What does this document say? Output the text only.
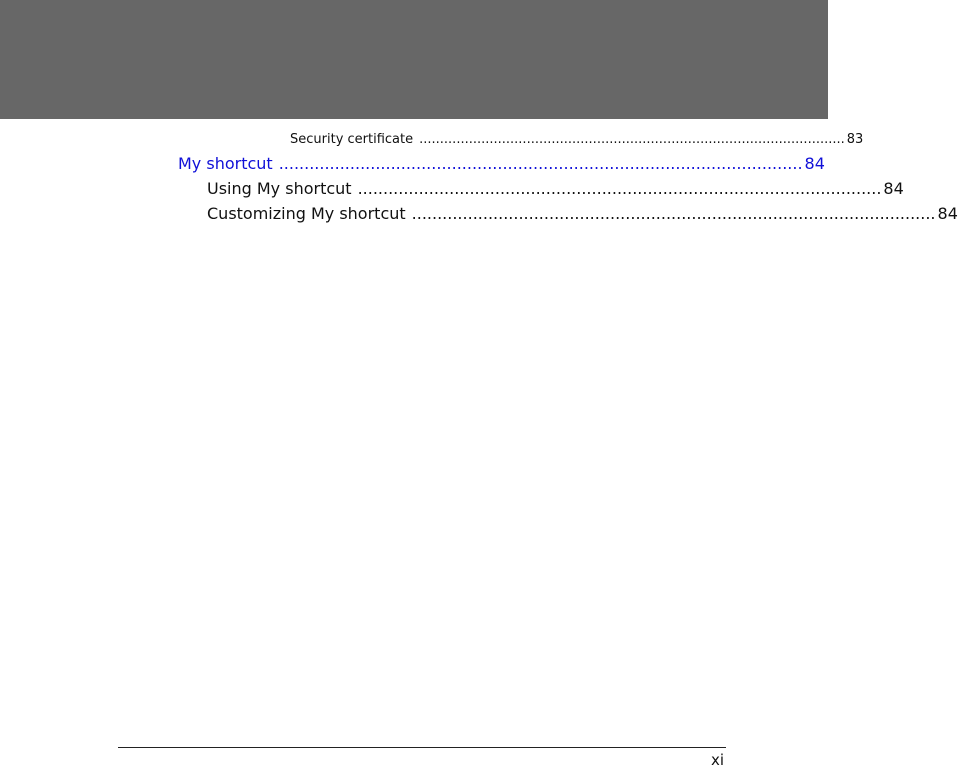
Security certificate ....................................................................................................... 83
My shortcut ....................................................................................................... 84
Using My shortcut ....................................................................................................... 84
Customizing My shortcut ....................................................................................................... 84
xi
